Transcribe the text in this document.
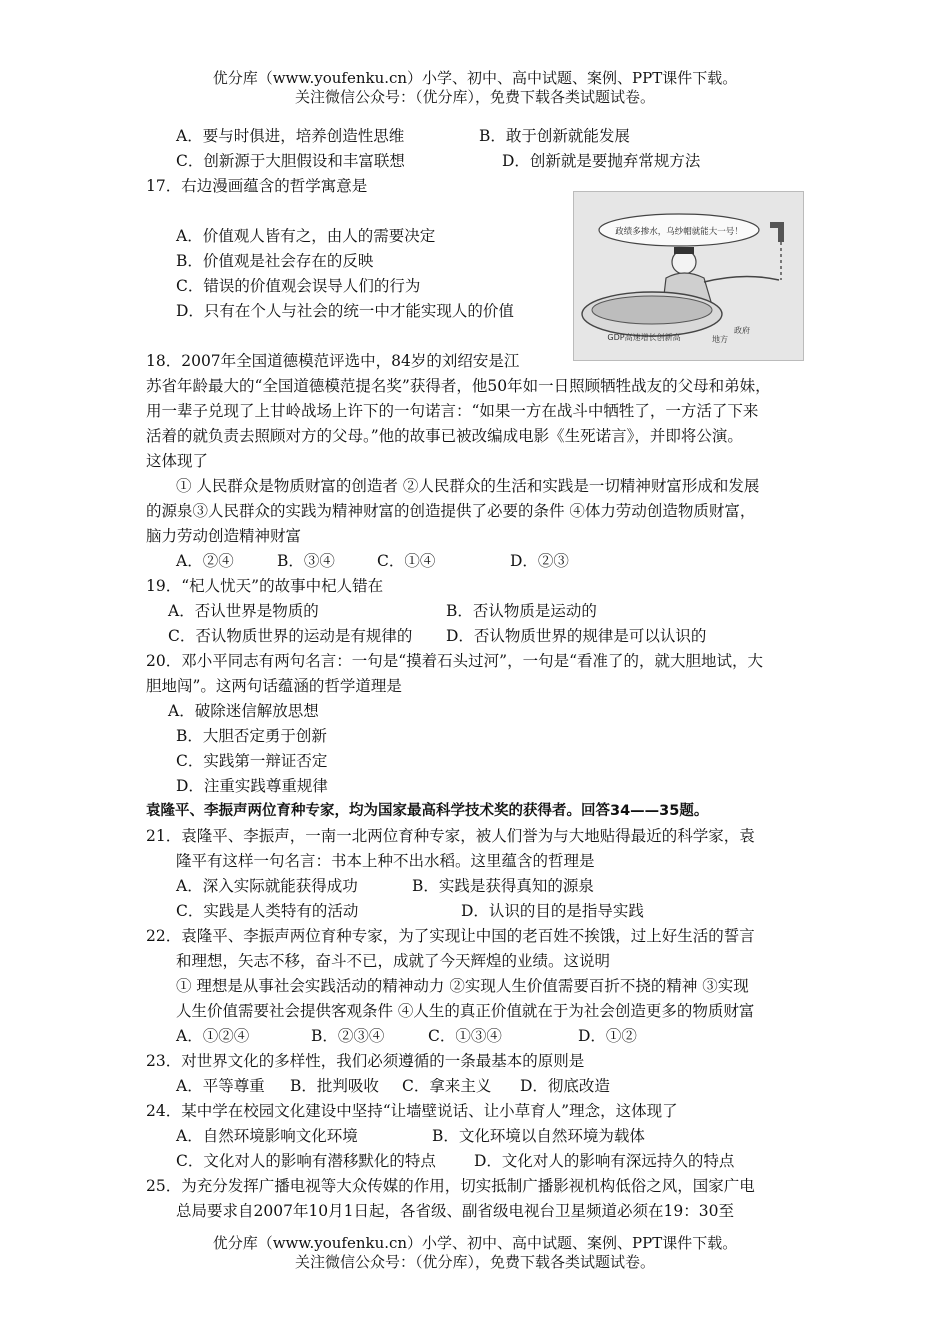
优分库（www.youfenku.cn）小学、初中、高中试题、案例、PPT课件下载。
关注微信公众号：（优分库），免费下载各类试题试卷。
A．要与时俱进，培养创造性思维	B．敢于创新就能发展
C．创新源于大胆假设和丰富联想	D．创新就是要抛弃常规方法
17．右边漫画蕴含的哲学寓意是
A．价值观人皆有之，由人的需要决定
B．价值观是社会存在的反映
C．错误的价值观会误导人们的行为
D．只有在个人与社会的统一中才能实现人的价值
政绩多掺水，乌纱帽就能大一号！
GDP高速增长创新高	地方
政府
18．2007年全国道德模范评选中，84岁的刘绍安是江
苏省年龄最大的“全国道德模范提名奖”获得者，他50年如一日照顾牺牲战友的父母和弟妹，
用一辈子兑现了上甘岭战场上许下的一句诺言：“如果一方在战斗中牺牲了，一方活了下来
活着的就负责去照顾对方的父母。”他的故事已被改编成电影《生死诺言》，并即将公演。
这体现了
① 人民群众是物质财富的创造者 ②人民群众的生活和实践是一切精神财富形成和发展
的源泉③人民群众的实践为精神财富的创造提供了必要的条件 ④体力劳动创造物质财富，
脑力劳动创造精神财富
A．②④	B．③④	C．①④	D．②③
19．“杞人忧天”的故事中杞人错在
A．否认世界是物质的	B．否认物质是运动的
C．否认物质世界的运动是有规律的 D．否认物质世界的规律是可以认识的
20．邓小平同志有两句名言：一句是“摸着石头过河”，一句是“看准了的，就大胆地试，大
胆地闯”。这两句话蕴涵的哲学道理是
A．破除迷信解放思想
B．大胆否定勇于创新
C．实践第一辩证否定
D．注重实践尊重规律
袁隆平、李振声两位育种专家，均为国家最高科学技术奖的获得者。回答34——35题。
21．袁隆平、李振声，一南一北两位育种专家，被人们誉为与大地贴得最近的科学家，袁
隆平有这样一句名言：书本上种不出水稻。这里蕴含的哲理是
A．深入实际就能获得成功	B．实践是获得真知的源泉
C．实践是人类特有的活动	D．认识的目的是指导实践
22．袁隆平、李振声两位育种专家，为了实现让中国的老百姓不挨饿，过上好生活的誓言
和理想，矢志不移，奋斗不已，成就了今天辉煌的业绩。这说明
① 理想是从事社会实践活动的精神动力 ②实现人生价值需要百折不挠的精神 ③实现
人生价值需要社会提供客观条件 ④人生的真正价值就在于为社会创造更多的物质财富
A．①②④	B．②③④	C．①③④	D．①②
23．对世界文化的多样性，我们必须遵循的一条最基本的原则是
A．平等尊重 B．批判吸收 C．拿来主义 D．彻底改造
24．某中学在校园文化建设中坚持“让墙壁说话、让小草育人”理念，这体现了
A．自然环境影响文化环境	B．文化环境以自然环境为载体
C．文化对人的影响有潜移默化的特点 D．文化对人的影响有深远持久的特点
25．为充分发挥广播电视等大众传媒的作用，切实抵制广播影视机构低俗之风，国家广电
总局要求自2007年10月1日起，各省级、副省级电视台卫星频道必须在19：30至
优分库（www.youfenku.cn）小学、初中、高中试题、案例、PPT课件下载。
关注微信公众号：（优分库），免费下载各类试题试卷。
